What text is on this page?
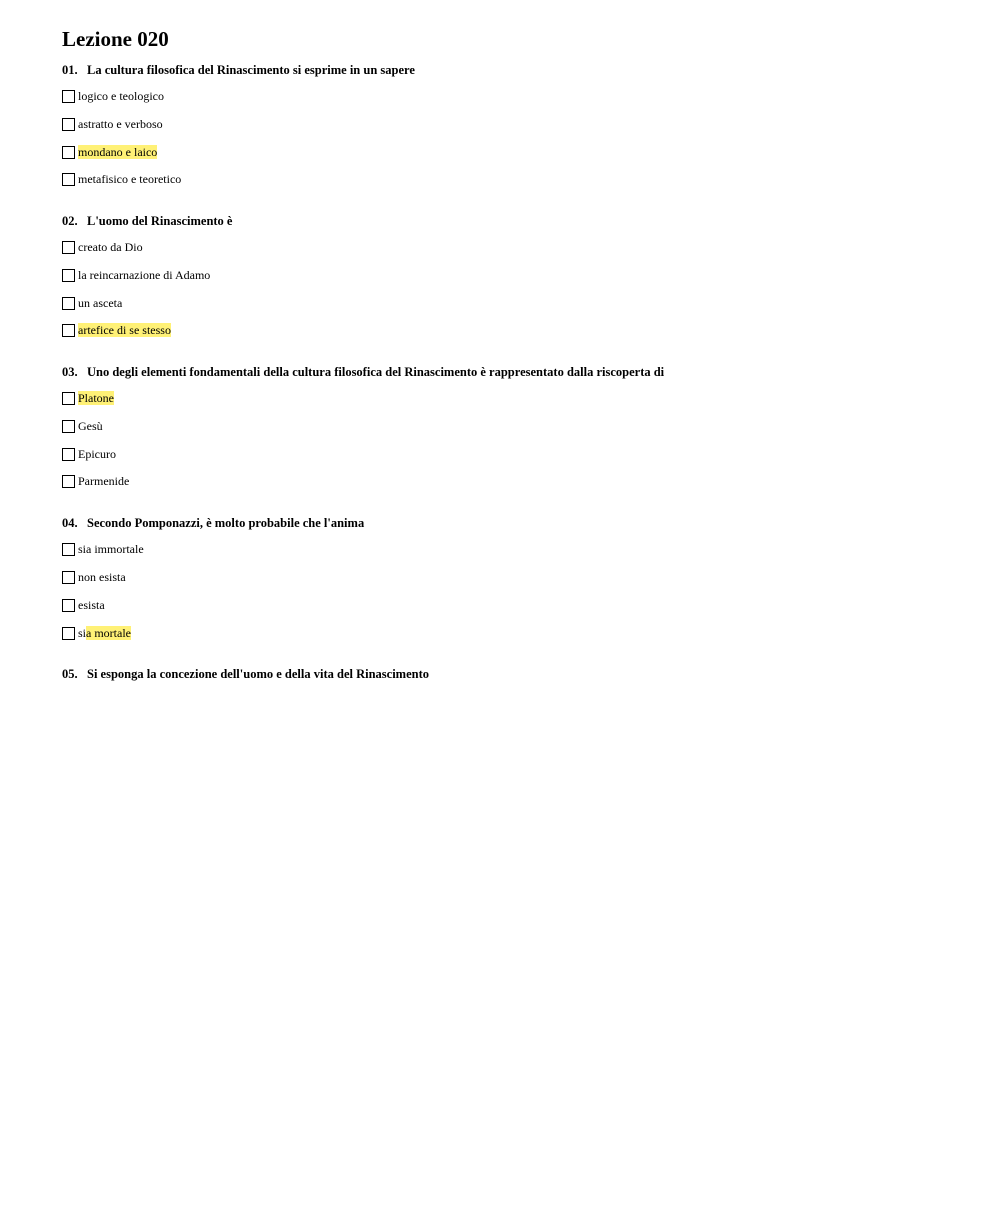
Lezione 020
01. La cultura filosofica del Rinascimento si esprime in un sapere
logico e teologico
astratto e verboso
mondano e laico
metafisico e teoretico
02. L'uomo del Rinascimento è
creato da Dio
la reincarnazione di Adamo
un asceta
artefice di se stesso
03. Uno degli elementi fondamentali della cultura filosofica del Rinascimento è rappresentato dalla riscoperta di
Platone
Gesù
Epicuro
Parmenide
04. Secondo Pomponazzi, è molto probabile che l'anima
sia immortale
non esista
esista
sia mortale
05. Si esponga la concezione dell'uomo e della vita del Rinascimento
